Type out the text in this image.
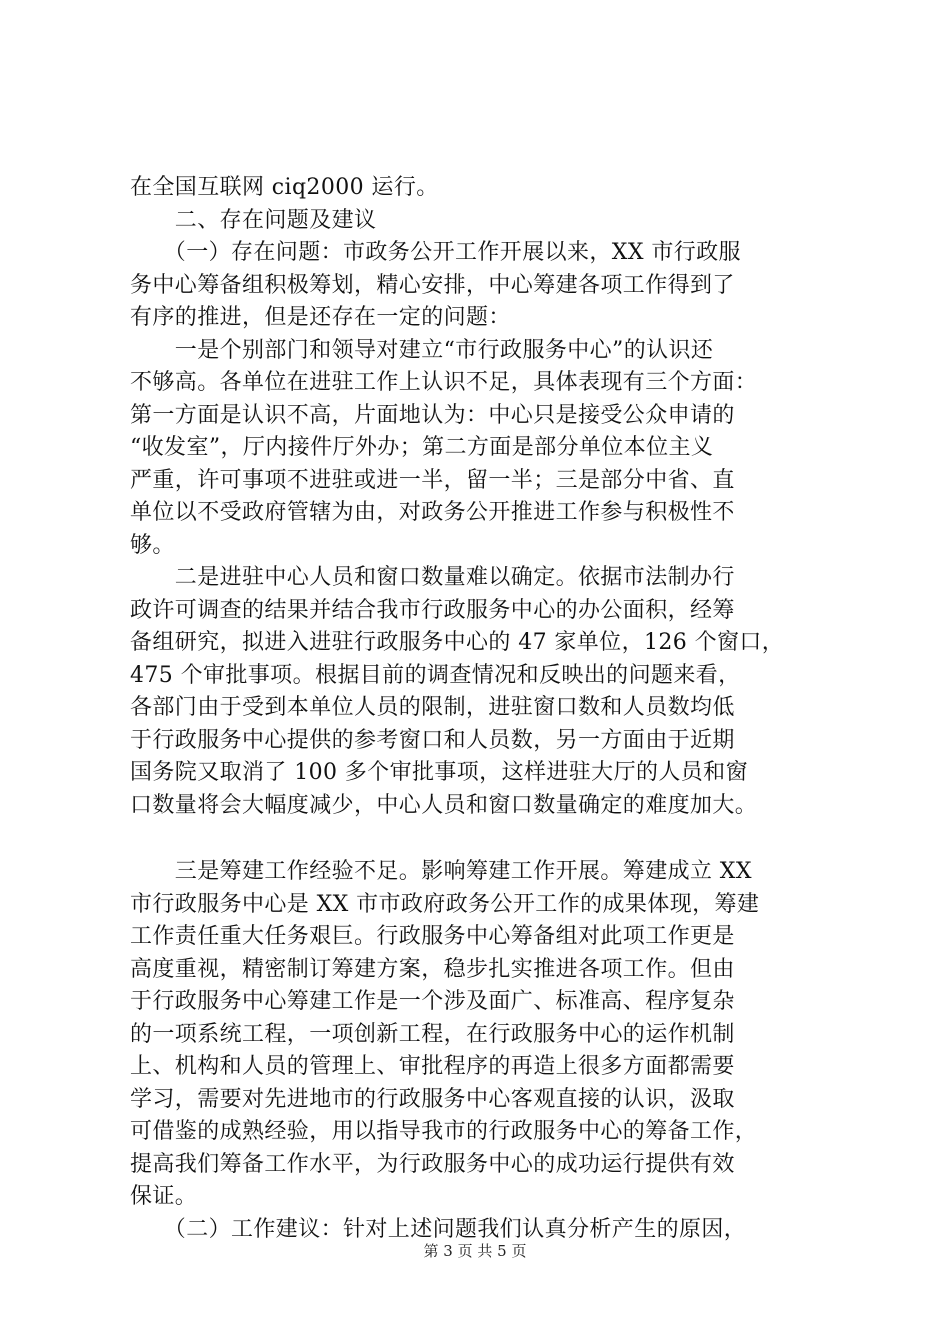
在全国互联网 ciq2000 运行。
　　二、存在问题及建议
　　（一）存在问题：市政务公开工作开展以来，XX 市行政服
务中心筹备组积极筹划，精心安排，中心筹建各项工作得到了
有序的推进，但是还存在一定的问题：
　　一是个别部门和领导对建立“市行政服务中心”的认识还
不够高。各单位在进驻工作上认识不足，具体表现有三个方面：
第一方面是认识不高，片面地认为：中心只是接受公众申请的
“收发室”，厅内接件厅外办；第二方面是部分单位本位主义
严重，许可事项不进驻或进一半，留一半；三是部分中省、直
单位以不受政府管辖为由，对政务公开推进工作参与积极性不
够。
　　二是进驻中心人员和窗口数量难以确定。依据市法制办行
政许可调查的结果并结合我市行政服务中心的办公面积，经筹
备组研究，拟进入进驻行政服务中心的 47 家单位，126 个窗口，
475 个审批事项。根据目前的调查情况和反映出的问题来看，
各部门由于受到本单位人员的限制，进驻窗口数和人员数均低
于行政服务中心提供的参考窗口和人员数，另一方面由于近期
国务院又取消了 100 多个审批事项，这样进驻大厅的人员和窗
口数量将会大幅度减少，中心人员和窗口数量确定的难度加大。
　　三是筹建工作经验不足。影响筹建工作开展。筹建成立 XX
市行政服务中心是 XX 市市政府政务公开工作的成果体现，筹建
工作责任重大任务艰巨。行政服务中心筹备组对此项工作更是
高度重视，精密制订筹建方案，稳步扎实推进各项工作。但由
于行政服务中心筹建工作是一个涉及面广、标准高、程序复杂
的一项系统工程，一项创新工程，在行政服务中心的运作机制
上、机构和人员的管理上、审批程序的再造上很多方面都需要
学习，需要对先进地市的行政服务中心客观直接的认识，汲取
可借鉴的成熟经验，用以指导我市的行政服务中心的筹备工作，
提高我们筹备工作水平，为行政服务中心的成功运行提供有效
保证。
　　（二）工作建议：针对上述问题我们认真分析产生的原因，
第 3 页 共 5 页
